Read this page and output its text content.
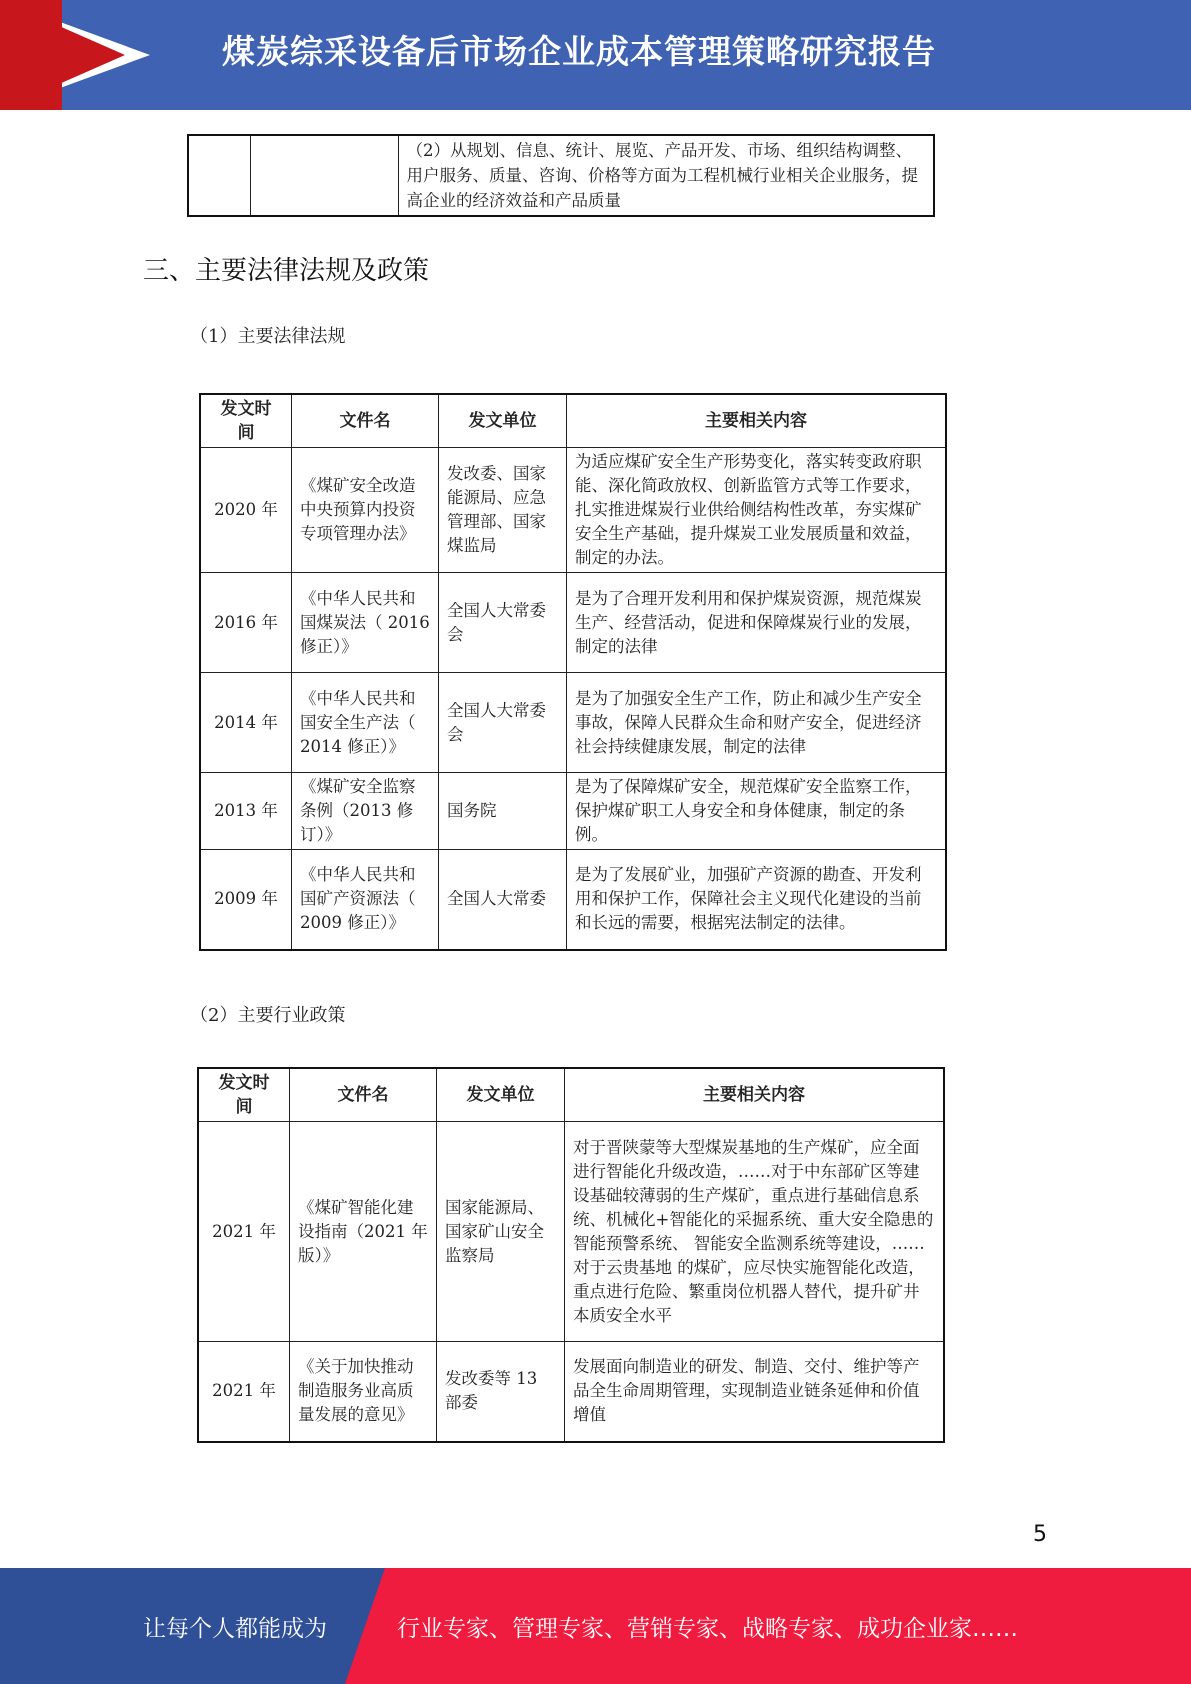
煤炭综采设备后市场企业成本管理策略研究报告
		（2）从规划、信息、统计、展览、产品开发、市场、组织结构调整、用户服务、质量、咨询、价格等方面为工程机械行业相关企业服务，提高企业的经济效益和产品质量
三、主要法律法规及政策
（1）主要法律法规
发文时间	文件名	发文单位	主要相关内容
2020 年	《煤矿安全改造中央预算内投资专项管理办法》	发改委、国家能源局、应急管理部、国家煤监局	为适应煤矿安全生产形势变化，落实转变政府职能、深化简政放权、创新监管方式等工作要求，扎实推进煤炭行业供给侧结构性改革，夯实煤矿安全生产基础，提升煤炭工业发展质量和效益，制定的办法。
2016 年	《中华人民共和国煤炭法（ 2016 修正）》	全国人大常委会	是为了合理开发利用和保护煤炭资源，规范煤炭生产、经营活动，促进和保障煤炭行业的发展，制定的法律
2014 年	《中华人民共和国安全生产法（ 2014 修正）》	全国人大常委会	是为了加强安全生产工作，防止和减少生产安全事故，保障人民群众生命和财产安全，促进经济社会持续健康发展，制定的法律
2013 年	《煤矿安全监察条例（2013 修订）》	国务院	是为了保障煤矿安全，规范煤矿安全监察工作，保护煤矿职工人身安全和身体健康，制定的条例。
2009 年	《中华人民共和国矿产资源法（ 2009 修正）》	全国人大常委	是为了发展矿业，加强矿产资源的勘查、开发利用和保护工作，保障社会主义现代化建设的当前和长远的需要，根据宪法制定的法律。
（2）主要行业政策
发文时间	文件名	发文单位	主要相关内容
2021 年	《煤矿智能化建设指南（2021 年版）》	国家能源局、国家矿山安全监察局	对于晋陕蒙等大型煤炭基地的生产煤矿，应全面进行智能化升级改造，……对于中东部矿区等建设基础较薄弱的生产煤矿，重点进行基础信息系统、机械化+智能化的采掘系统、重大安全隐患的智能预警系统、 智能安全监测系统等建设，……对于云贵基地 的煤矿，应尽快实施智能化改造，重点进行危险、繁重岗位机器人替代，提升矿井本质安全水平
2021 年	《关于加快推动制造服务业高质量发展的意见》	发改委等 13 部委	发展面向制造业的研发、制造、交付、维护等产品全生命周期管理，实现制造业链条延伸和价值增值
5
让每个人都能成为	行业专家、管理专家、营销专家、战略专家、成功企业家……
